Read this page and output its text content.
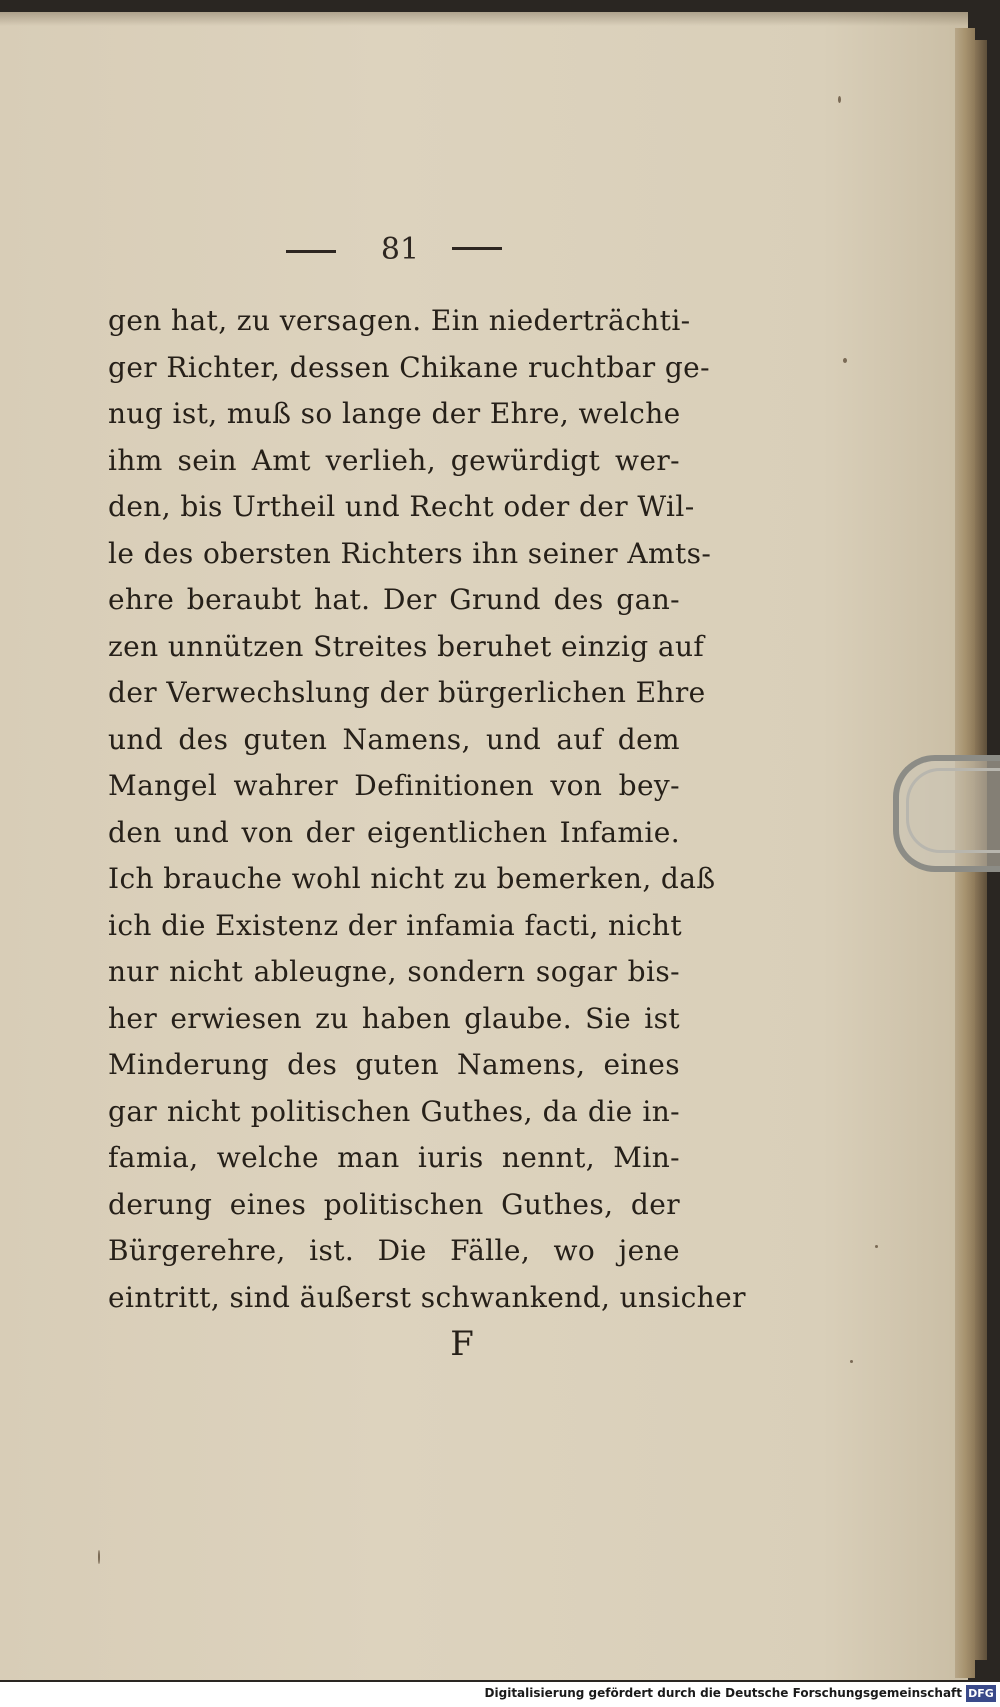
81
gen hat, zu versagen. Ein niederträchti-
ger Richter, dessen Chikane ruchtbar ge-
nug ist, muß so lange der Ehre, welche
ihm sein Amt verlieh, gewürdigt wer-
den, bis Urtheil und Recht oder der Wil-
le des obersten Richters ihn seiner Amts-
ehre beraubt hat. Der Grund des gan-
zen unnützen Streites beruhet einzig auf
der Verwechslung der bürgerlichen Ehre
und des guten Namens, und auf dem
Mangel wahrer Definitionen von bey-
den und von der eigentlichen Infamie.
Ich brauche wohl nicht zu bemerken, daß
ich die Existenz der infamia facti, nicht
nur nicht ableugne, sondern sogar bis-
her erwiesen zu haben glaube. Sie ist
Minderung des guten Namens, eines
gar nicht politischen Guthes, da die in-
famia, welche man iuris nennt, Min-
derung eines politischen Guthes, der
Bürgerehre, ist. Die Fälle, wo jene
eintritt, sind äußerst schwankend, unsicher
F
Digitalisierung gefördert durch die Deutsche Forschungsgemeinschaft DFG
